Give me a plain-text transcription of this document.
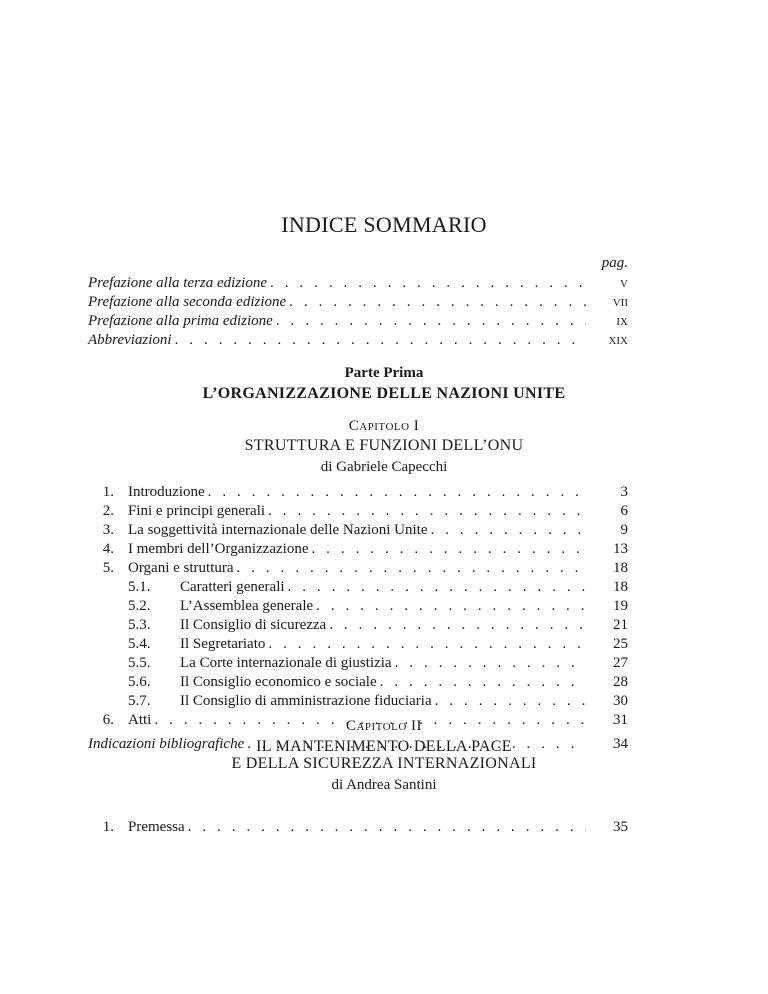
INDICE SOMMARIO
pag.
Prefazione alla terza edizione . . .	v
Prefazione alla seconda edizione . . .	vii
Prefazione alla prima edizione . . .	ix
Abbreviazioni . . .	xix
Parte Prima
L’ORGANIZZAZIONE DELLE NAZIONI UNITE
Capitolo I
STRUTTURA E FUNZIONI DELL’ONU
di Gabriele Capecchi
1. Introduzione . . .	3
2. Fini e principi generali . . .	6
3. La soggettività internazionale delle Nazioni Unite . . .	9
4. I membri dell’Organizzazione . . .	13
5. Organi e struttura . . .	18
5.1.	Caratteri generali . . .	18
5.2.	L’Assemblea generale . . .	19
5.3.	Il Consiglio di sicurezza . . .	21
5.4.	Il Segretariato . . .	25
5.5.	La Corte internazionale di giustizia . . .	27
5.6.	Il Consiglio economico e sociale . . .	28
5.7.	Il Consiglio di amministrazione fiduciaria . . .	30
6. Atti . . .	31
Indicazioni bibliografiche . . .	34
Capitolo II
IL MANTENIMENTO DELLA PACE
E DELLA SICUREZZA INTERNAZIONALI
di Andrea Santini
1. Premessa . . .	35
